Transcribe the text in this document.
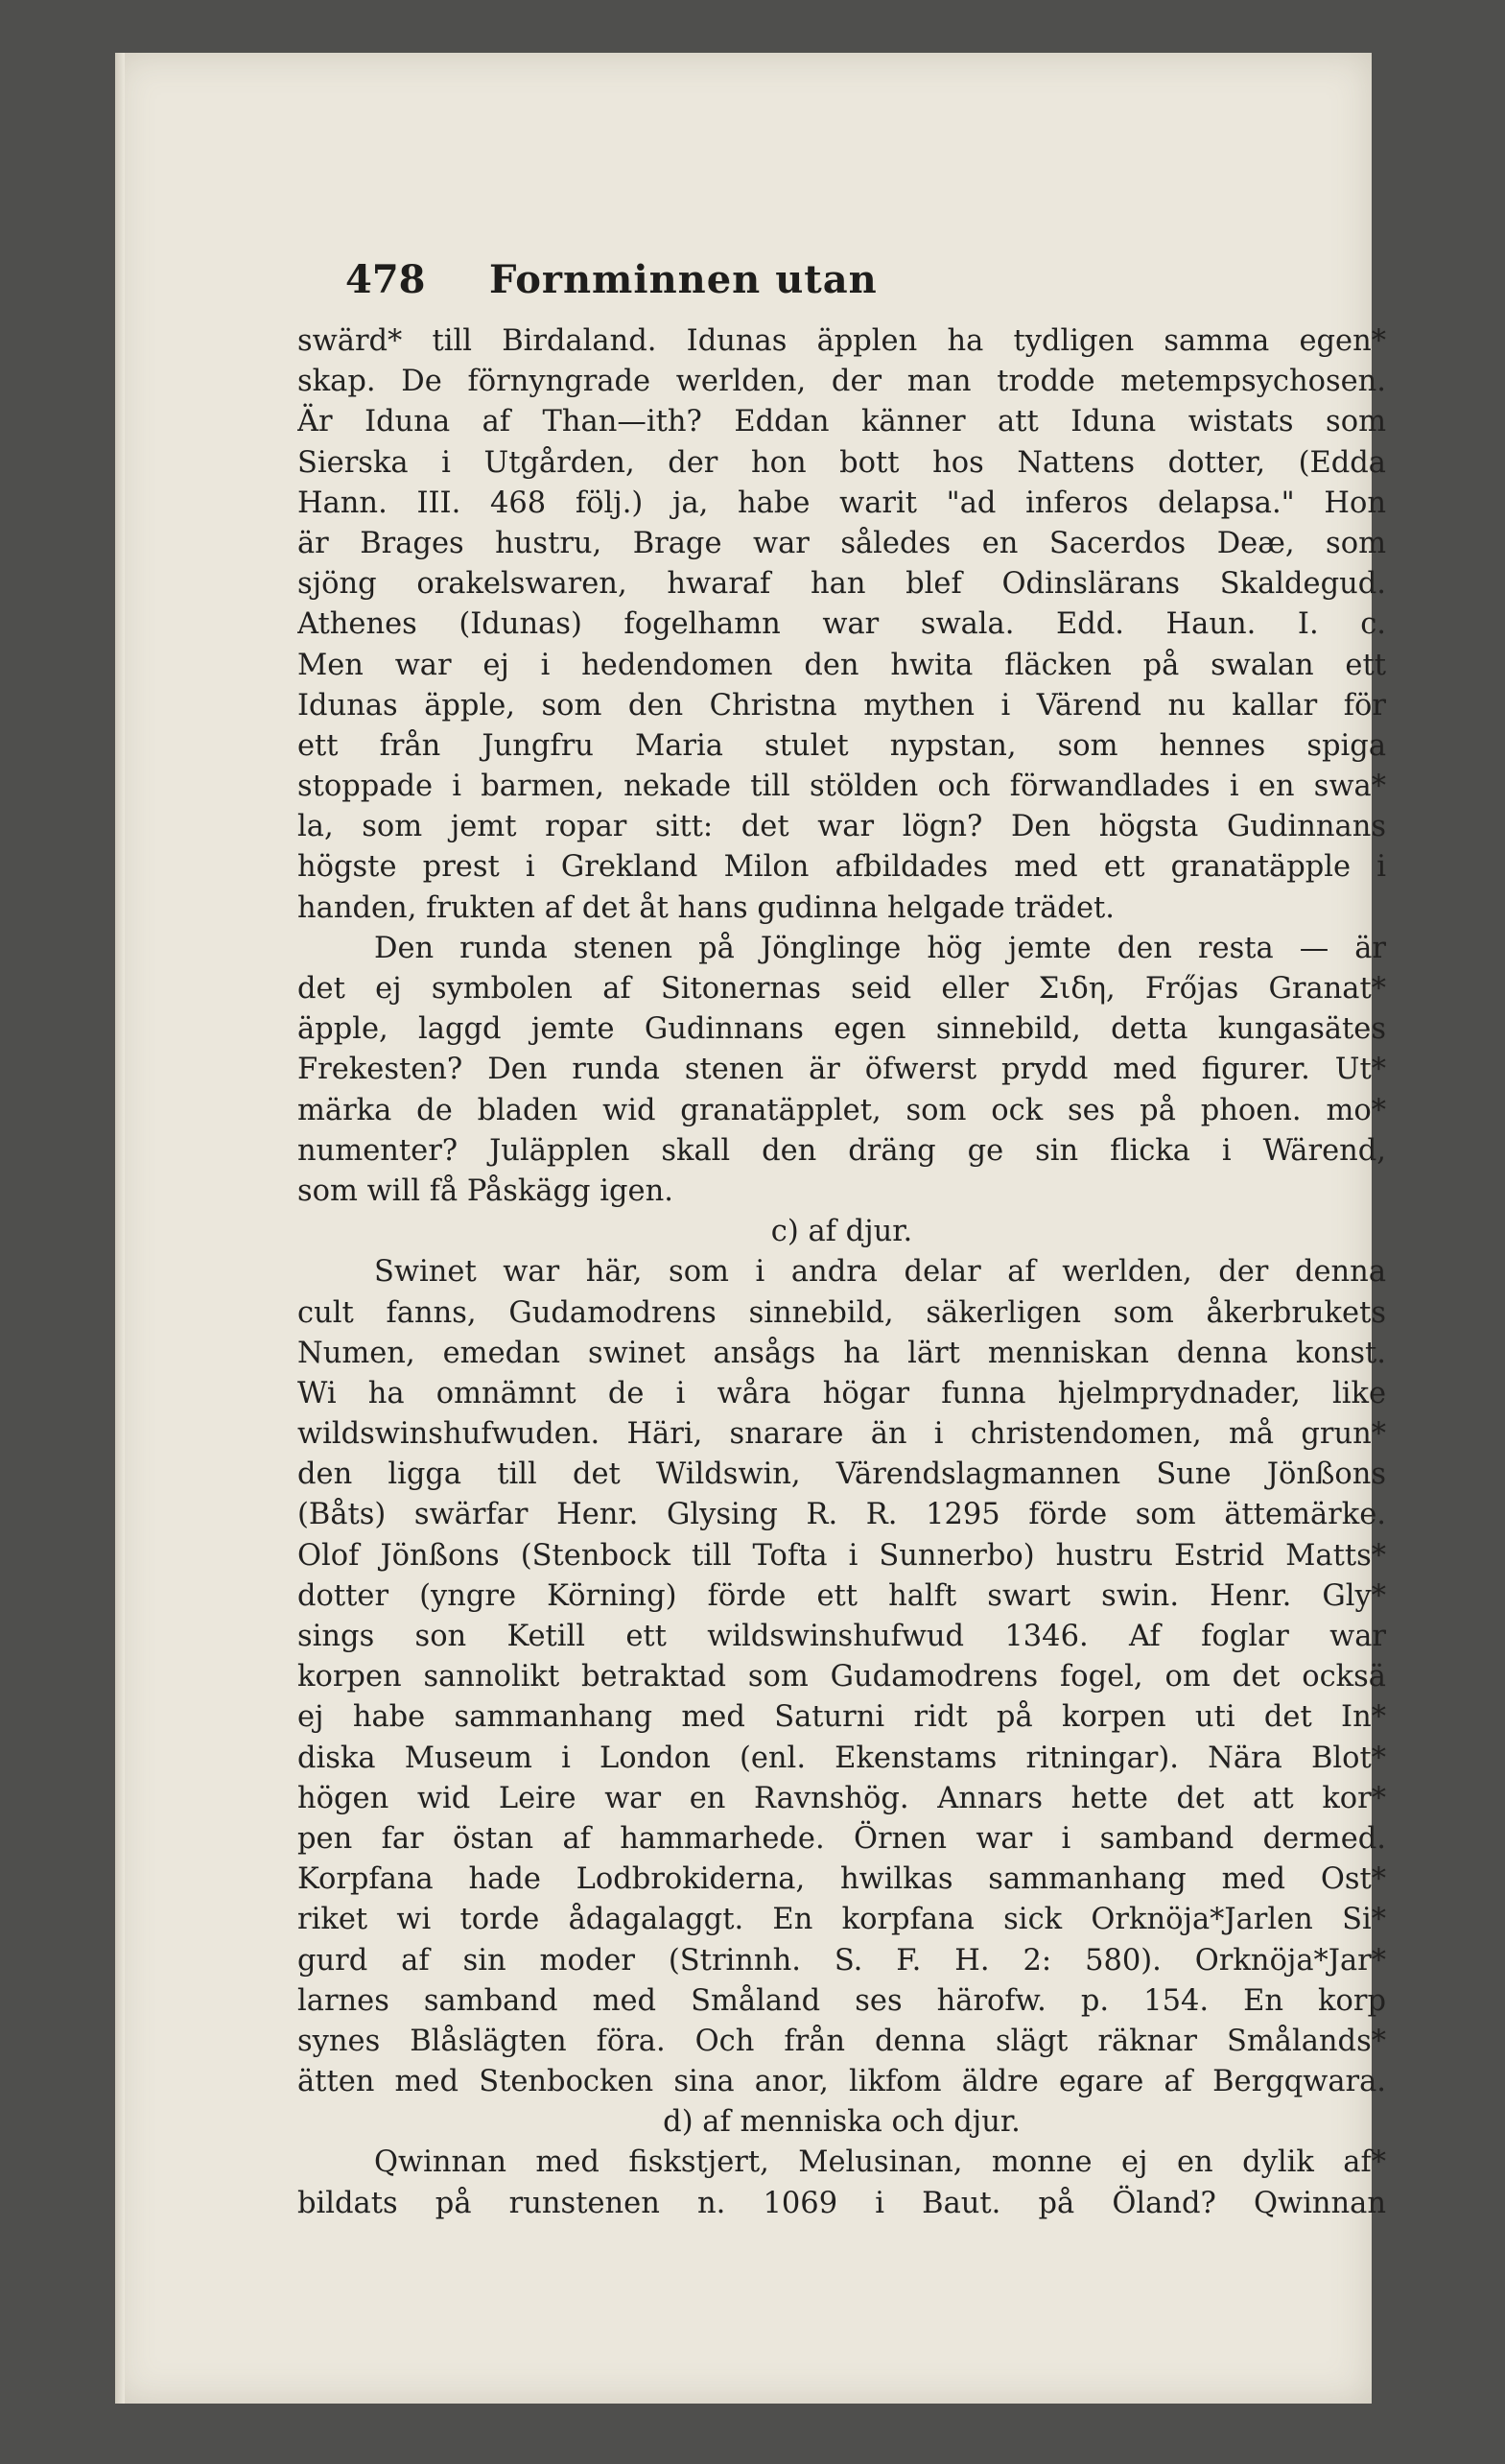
478 Fornminnen utan
swärd* till Birdaland. Idunas äpplen ha tydligen samma egen*
skap. De förnyngrade werlden, der man trodde metempsychosen.
Är Iduna af Than—ith? Eddan känner att Iduna wistats som
Sierska i Utgården, der hon bott hos Nattens dotter, (Edda
Hann. III. 468 följ.) ja, habe warit "ad inferos delapsa." Hon
är Brages hustru, Brage war således en Sacerdos Deæ, som
sjöng orakelswaren, hwaraf han blef Odinslärans Skaldegud.
Athenes (Idunas) fogelhamn war swala. Edd. Haun. I. c.
Men war ej i hedendomen den hwita fläcken på swalan ett
Idunas äpple, som den Christna mythen i Värend nu kallar för
ett från Jungfru Maria stulet nypstan, som hennes spiga
stoppade i barmen, nekade till stölden och förwandlades i en swa*
la, som jemt ropar sitt: det war lögn? Den högsta Gudinnans
högste prest i Grekland Milon afbildades med ett granatäpple i
handen, frukten af det åt hans gudinna helgade trädet.
Den runda stenen på Jönglinge hög jemte den resta — är
det ej symbolen af Sitonernas seid eller Σιδη, Frőjas Granat*
äpple, laggd jemte Gudinnans egen sinnebild, detta kungasätes
Frekesten? Den runda stenen är öfwerst prydd med figurer. Ut*
märka de bladen wid granatäpplet, som ock ses på phoen. mo*
numenter? Juläpplen skall den dräng ge sin flicka i Wärend,
som will få Påskägg igen.
c) af djur.
Swinet war här, som i andra delar af werlden, der denna
cult fanns, Gudamodrens sinnebild, säkerligen som åkerbrukets
Numen, emedan swinet ansågs ha lärt menniskan denna konst.
Wi ha omnämnt de i wåra högar funna hjelmprydnader, like
wildswinshufwuden. Häri, snarare än i christendomen, må grun*
den ligga till det Wildswin, Värendslagmannen Sune Jönßons
(Båts) swärfar Henr. Glysing R. R. 1295 förde som ättemärke.
Olof Jönßons (Stenbock till Tofta i Sunnerbo) hustru Estrid Matts*
dotter (yngre Körning) förde ett halft swart swin. Henr. Gly*
sings son Ketill ett wildswinshufwud 1346. Af foglar war
korpen sannolikt betraktad som Gudamodrens fogel, om det ocksä
ej habe sammanhang med Saturni ridt på korpen uti det In*
diska Museum i London (enl. Ekenstams ritningar). Nära Blot*
högen wid Leire war en Ravnshög. Annars hette det att kor*
pen far östan af hammarhede. Örnen war i samband dermed.
Korpfana hade Lodbrokiderna, hwilkas sammanhang med Ost*
riket wi torde ådagalaggt. En korpfana sick Orknöja*Jarlen Si*
gurd af sin moder (Strinnh. S. F. H. 2: 580). Orknöja*Jar*
larnes samband med Småland ses härofw. p. 154. En korp
synes Blåslägten föra. Och från denna slägt räknar Smålands*
ätten med Stenbocken sina anor, likfom äldre egare af Bergqwara.
d) af menniska och djur.
Qwinnan med fiskstjert, Melusinan, monne ej en dylik af*
bildats på runstenen n. 1069 i Baut. på Öland? Qwinnan
